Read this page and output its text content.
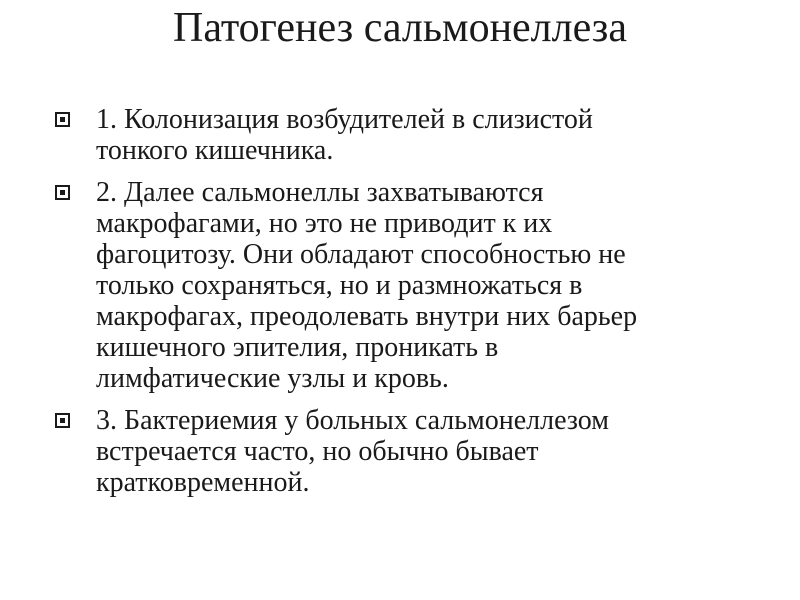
Патогенез сальмонеллеза
1. Колонизация возбудителей в слизистой
тонкого кишечника.
2. Далее сальмонеллы захватываются
макрофагами, но это не приводит к их
фагоцитозу. Они обладают способностью не
только сохраняться, но и размножаться в
макрофагах, преодолевать внутри них барьер
кишечного эпителия, проникать в
лимфатические узлы и кровь.
3. Бактериемия у больных сальмонеллезом
встречается часто, но обычно бывает
кратковременной.
